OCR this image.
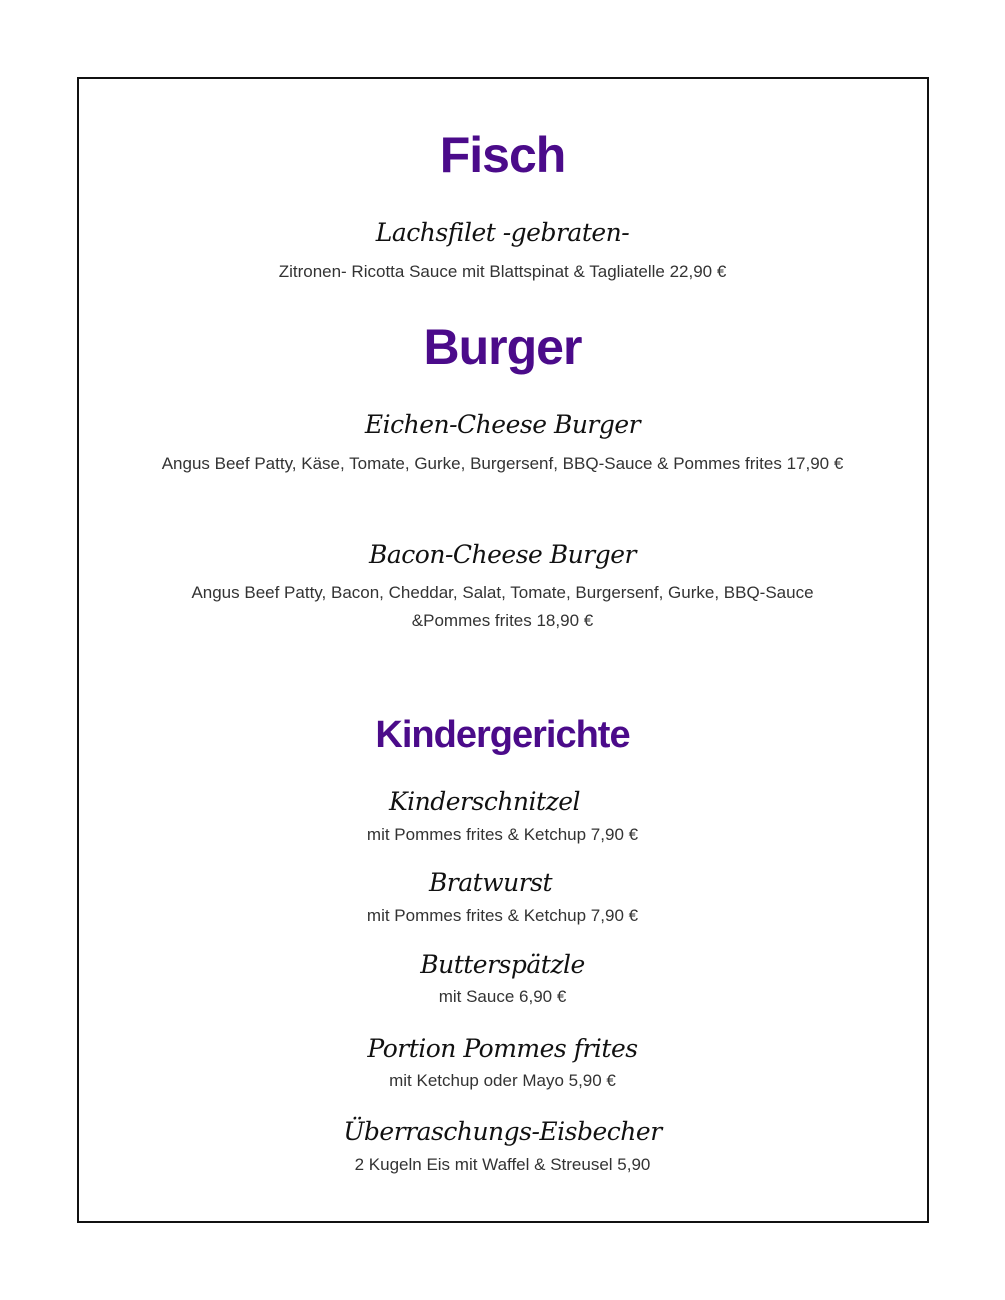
Fisch
Lachsfilet -gebraten-
Zitronen- Ricotta Sauce mit Blattspinat & Tagliatelle 22,90 €
Burger
Eichen-Cheese Burger
Angus Beef Patty, Käse, Tomate, Gurke, Burgersenf, BBQ-Sauce & Pommes frites 17,90 €
Bacon-Cheese Burger
Angus Beef Patty, Bacon, Cheddar, Salat, Tomate, Burgersenf, Gurke, BBQ-Sauce
&Pommes frites 18,90 €
Kindergerichte
Kinderschnitzel
mit Pommes frites & Ketchup 7,90 €
Bratwurst
mit Pommes frites & Ketchup 7,90 €
Butterspätzle
mit Sauce 6,90 €
Portion Pommes frites
mit Ketchup oder Mayo 5,90 €
Überraschungs-Eisbecher
2 Kugeln Eis mit Waffel & Streusel 5,90
